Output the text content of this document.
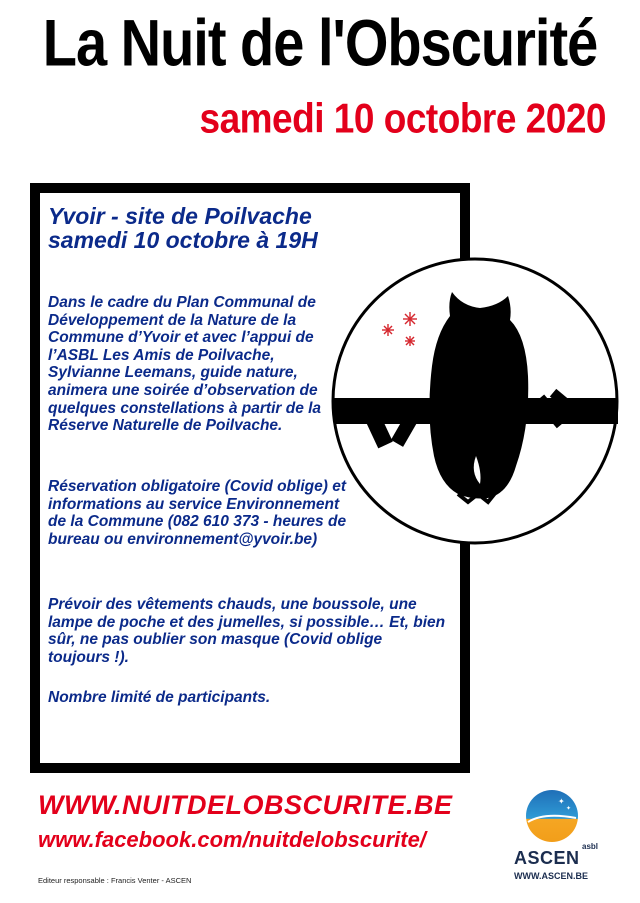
La Nuit de l'Obscurité
samedi 10 octobre 2020
Yvoir - site de Poilvache
samedi 10 octobre à 19H
Dans le cadre du Plan Communal de Développement de la Nature de la Commune d’Yvoir et avec l’appui de l’ASBL Les Amis de Poilvache, Sylvianne Leemans, guide nature, animera une soirée d’observation de quelques constellations à partir de la Réserve Naturelle de Poilvache.
Réservation obligatoire (Covid oblige) et informations au service Environnement de la Commune (082 610 373 - heures de bureau ou environnement@yvoir.be)
Prévoir des vêtements chauds, une boussole, une lampe de poche et des jumelles, si possible… Et, bien sûr, ne pas oublier son masque (Covid oblige toujours !).
Nombre limité de participants.
WWW.NUITDELOBSCURITE.BE
www.facebook.com/nuitdelobscurite/
Editeur responsable : Francis Venter - ASCEN
✦
✦
asbl
ASCEN
WWW.ASCEN.BE
